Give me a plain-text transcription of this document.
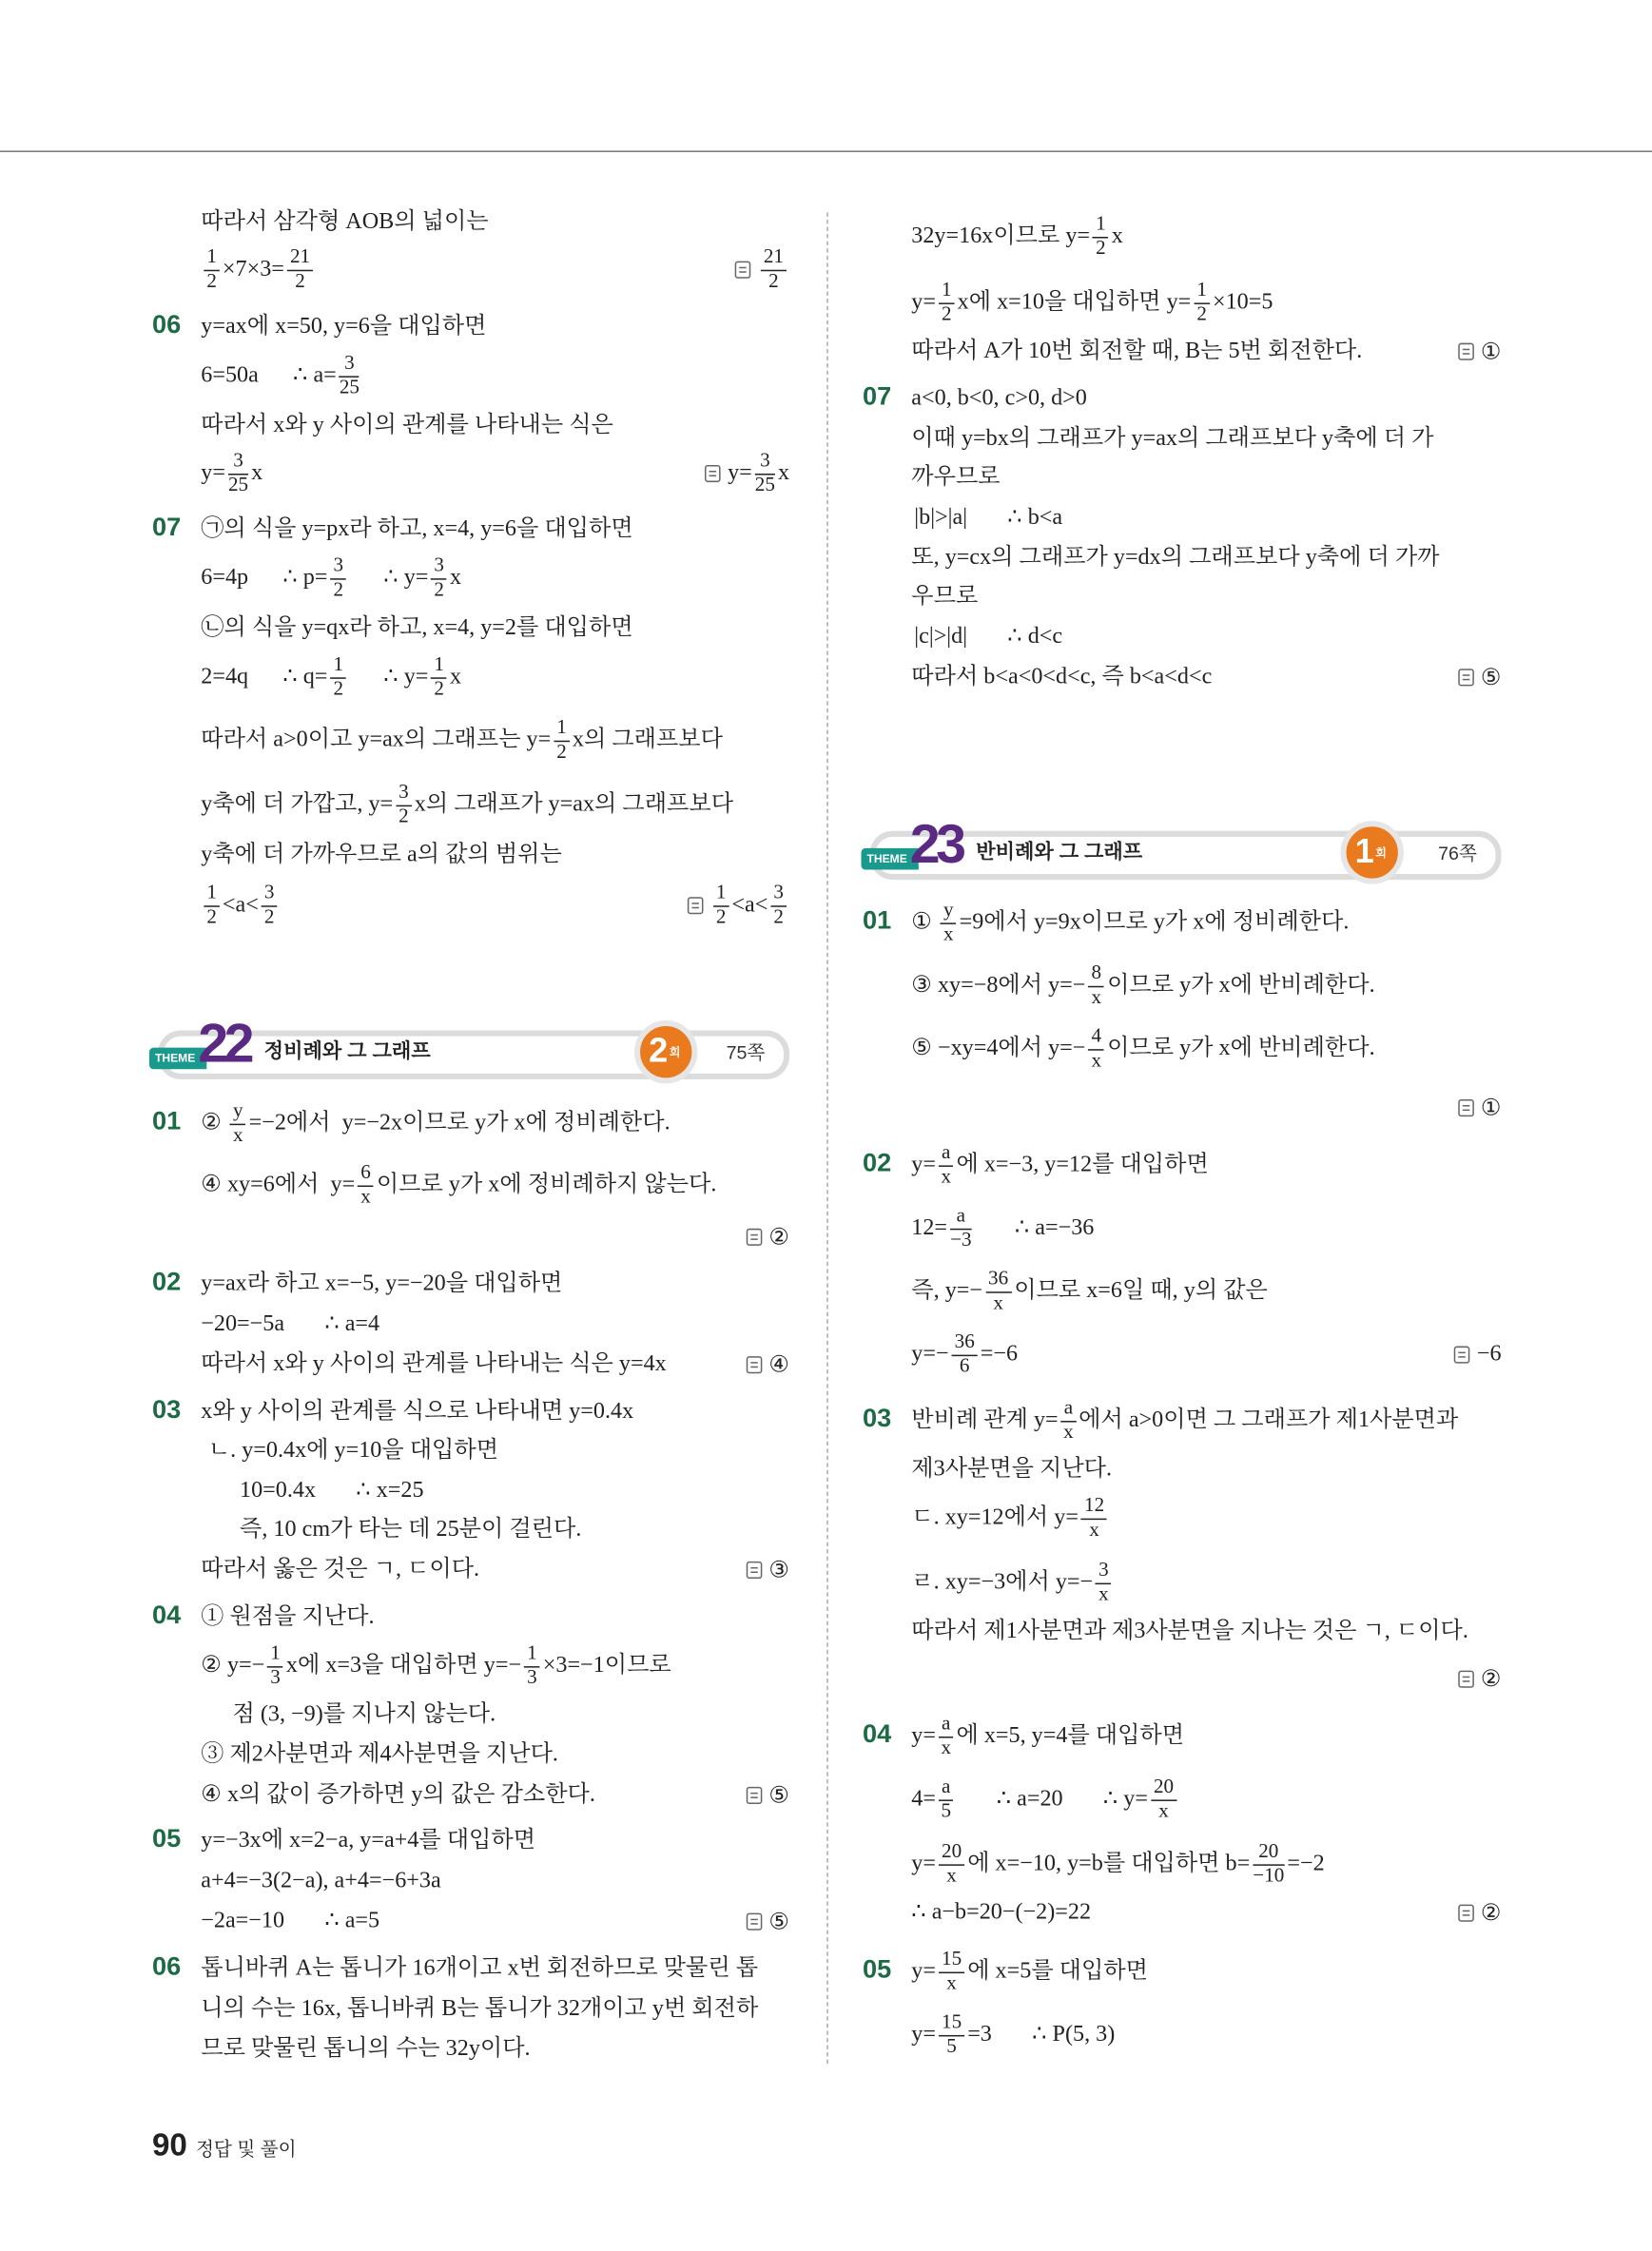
따라서 삼각형 AOB의 넓이는
$\frac{1}{2} \times 7\times 3= \frac{21}{2}$	$\frac{21}{2}$
06 y=ax에 x=50, y=6을 대입하면
6=50a      ∴ $a= \frac{3}{25}$
따라서 x와 y 사이의 관계를 나타내는 식은
$y= \frac{3}{25}$ x	$y= \frac{3}{25}$ x
07 ㉠의 식을 y=px라 하고, x=4, y=6을 대입하면
6=4p      ∴ $p= \frac{3}{2}$ ∴ $y= \frac{3}{2}$ x
㉡의 식을 y=qx라 하고, x=4, y=2를 대입하면
2=4q      ∴ $q= \frac{1}{2}$ ∴ $y= \frac{1}{2}$ x
따라서 a>0이고 y=ax의 그래프는 $y= \frac{1}{2}$ x의 그래프보다
y축에 더 가깝고, $y= \frac{3}{2}$ x의 그래프가 y=ax의 그래프보다
y축에 더 가까우므로 a의 값의 범위는
$\frac{1}{2} <a< \frac{3}{2}$	$\frac{1}{2} <a< \frac{3}{2}$
01 ② $\frac{y}{x} =-2$에서  y=−2x이므로 y가 x에 정비례한다.
④ xy=6에서  $y= \frac{6}{x}$ 이므로 y가 x에 정비례하지 않는다.
②
02 y=ax라 하고 x=−5, y=−20을 대입하면
−20=−5a       ∴ a=4
따라서 x와 y 사이의 관계를 나타내는 식은 y=4x	④
03 x와 y 사이의 관계를 식으로 나타내면 y=0.4x
ㄴ. y=0.4x에 y=10을 대입하면
10=0.4x       ∴ x=25
즉, 10 cm가 타는 데 25분이 걸린다.
따라서 옳은 것은 ㄱ, ㄷ이다.	③
04 ① 원점을 지난다.
② $y=- \frac{1}{3}$ x에 x=3을 대입하면 $y=- \frac{1}{3} \times 3=-1$이므로
점 (3, −9)를 지나지 않는다.
③ 제2사분면과 제4사분면을 지난다.
④ x의 값이 증가하면 y의 값은 감소한다.	⑤
05 y=−3x에 x=2−a, y=a+4를 대입하면
a+4=−3(2−a), a+4=−6+3a
−2a=−10       ∴ a=5	⑤
06 톱니바퀴 A는 톱니가 16개이고 x번 회전하므로 맞물린 톱
니의 수는 16x, 톱니바퀴 B는 톱니가 32개이고 y번 회전하
므로 맞물린 톱니의 수는 32y이다.
32y=16x이므로 $y= \frac{1}{2}$ x
$y= \frac{1}{2}$ x에 x=10을 대입하면 $y= \frac{1}{2} \times 10=5$
따라서 A가 10번 회전할 때, B는 5번 회전한다.	①
07 a<0, b<0, c>0, d>0
이때 y=bx의 그래프가 y=ax의 그래프보다 y축에 더 가
까우므로
|b|>|a|       ∴ b<a
또, y=cx의 그래프가 y=dx의 그래프보다 y축에 더 가까
우므로
|c|>|d|       ∴ d<c
따라서 b<a<0<d<c, 즉 b<a<d<c	⑤
01 ① $\frac{y}{x} =9$에서 y=9x이므로 y가 x에 정비례한다.
③ xy=−8에서 $y=- \frac{8}{x}$ 이므로 y가 x에 반비례한다.
⑤ −xy=4에서 $y=- \frac{4}{x}$ 이므로 y가 x에 반비례한다.
①
02 $y= \frac{a}{x}$ 에 x=−3, y=12를 대입하면
$12= \frac{a}{-3}$ ∴ a=−36
즉, $y=- \frac{36}{x}$ 이므로 x=6일 때, y의 값은
$y=- \frac{36}{6} =-6$	−6
03 반비례 관계 $y= \frac{a}{x}$ 에서 a>0이면 그 그래프가 제1사분면과
제3사분면을 지난다.
ㄷ. xy=12에서 $y= \frac{12}{x}$
ㄹ. xy=−3에서 $y=- \frac{3}{x}$
따라서 제1사분면과 제3사분면을 지나는 것은 ㄱ, ㄷ이다.
②
04 $y= \frac{a}{x}$ 에 x=5, y=4를 대입하면
$4= \frac{a}{5}$ ∴ a=20       ∴ $y= \frac{20}{x}$
$y= \frac{20}{x}$ 에 x=−10, y=b를 대입하면 $b= \frac{20}{-10} =-2$
∴ a−b=20−(−2)=22	②
05 $y= \frac{15}{x}$ 에 x=5를 대입하면
$y= \frac{15}{5} =3$       ∴ P(5, 3)
THEME 22 정비례와 그 그래프	2 회	75쪽
THEME 23 반비례와 그 그래프	1 회	76쪽
90 정답 및 풀이
